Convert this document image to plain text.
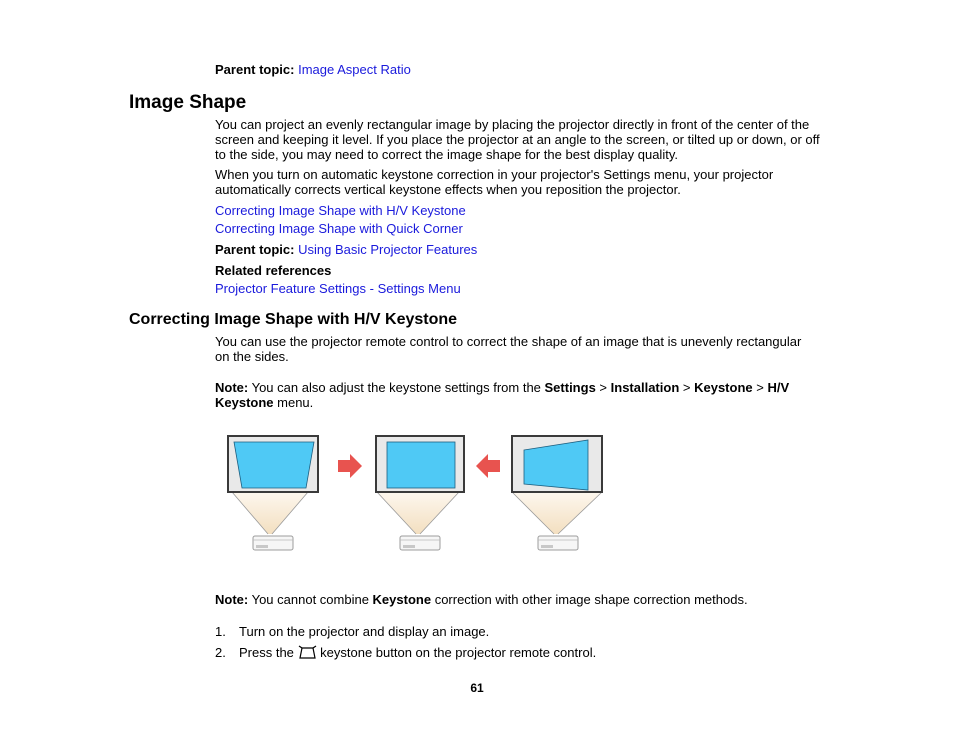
Parent topic: Image Aspect Ratio
Image Shape

You can project an evenly rectangular image by placing the projector directly in front of the center of the screen and keeping it level. If you place the projector at an angle to the screen, or tilted up or down, or off to the side, you may need to correct the image shape for the best display quality.

When you turn on automatic keystone correction in your projector's Settings menu, your projector automatically corrects vertical keystone effects when you reposition the projector.

Correcting Image Shape with H/V Keystone
Correcting Image Shape with Quick Corner
Parent topic: Using Basic Projector Features
Related references
Projector Feature Settings - Settings Menu
Correcting Image Shape with H/V Keystone

You can use the projector remote control to correct the shape of an image that is unevenly rectangular on the sides.

Note: You can also adjust the keystone settings from the Settings > Installation > Keystone > H/V Keystone menu.

Note: You cannot combine Keystone correction with other image shape correction methods.

1. Turn on the projector and display an image.
2. Press the  keystone button on the projector remote control.
61
